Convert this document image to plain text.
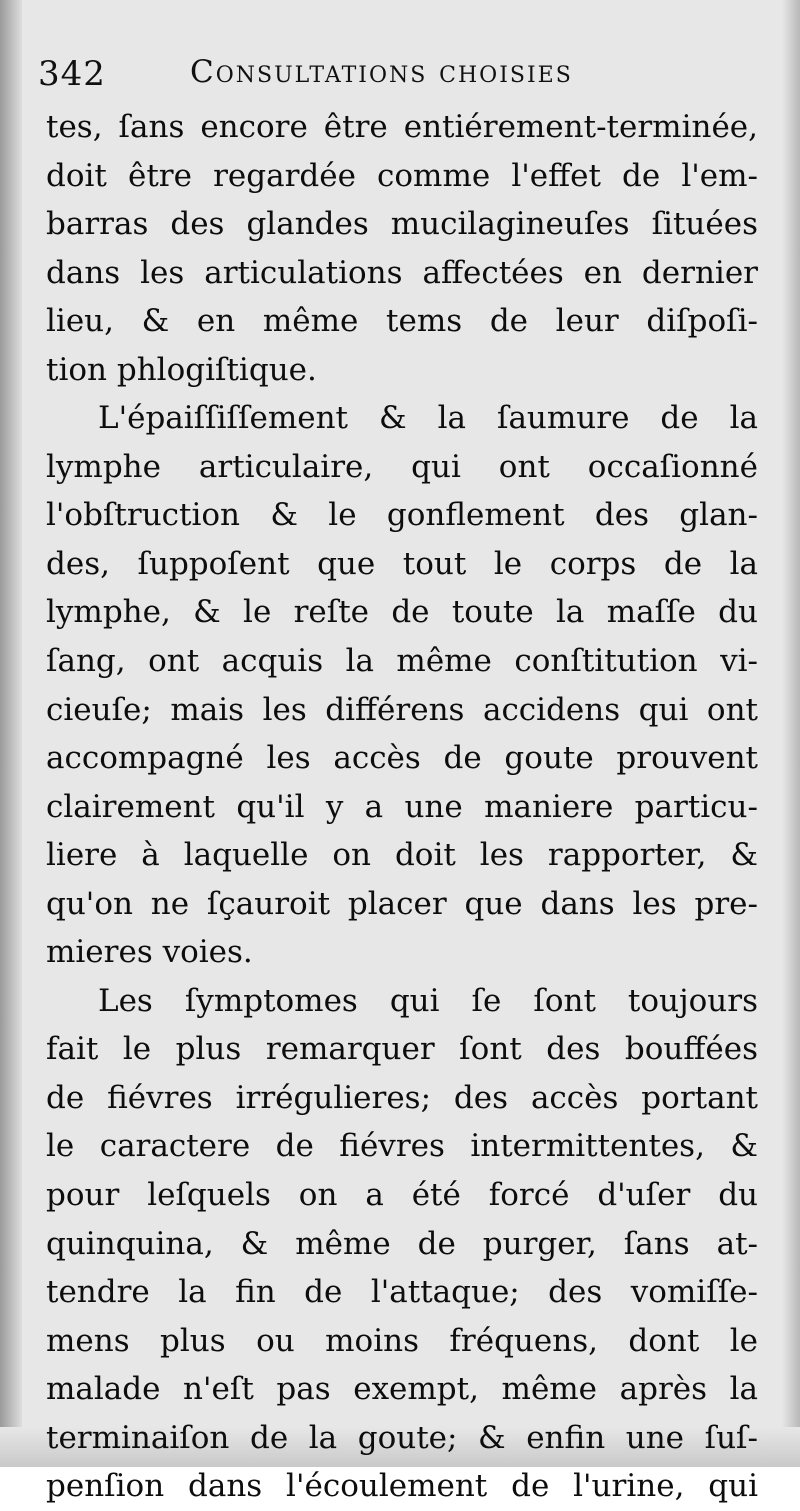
342	Consultations choisies
tes, ſans encore être entiérement-terminée,
doit être regardée comme l'effet de l'em-
barras des glandes mucilagineuſes ſituées
dans les articulations affectées en dernier
lieu, & en même tems de leur diſpoſi-
tion phlogiſtique.
L'épaiſſiſſement & la ſaumure de la
lymphe articulaire, qui ont occaſionné
l'obſtruction & le gonflement des glan-
des, ſuppoſent que tout le corps de la
lymphe, & le reſte de toute la maſſe du
ſang, ont acquis la même conſtitution vi-
cieuſe; mais les différens accidens qui ont
accompagné les accès de goute prouvent
clairement qu'il y a une maniere particu-
liere à laquelle on doit les rapporter, &
qu'on ne ſçauroit placer que dans les pre-
mieres voies.
Les ſymptomes qui ſe ſont toujours
fait le plus remarquer ſont des bouffées
de fiévres irrégulieres; des accès portant
le caractere de fiévres intermittentes, &
pour leſquels on a été forcé d'uſer du
quinquina, & même de purger, ſans at-
tendre la fin de l'attaque; des vomiſſe-
mens plus ou moins fréquens, dont le
malade n'eſt pas exempt, même après la
terminaiſon de la goute; & enfin une ſuſ-
penſion dans l'écoulement de l'urine, qui
